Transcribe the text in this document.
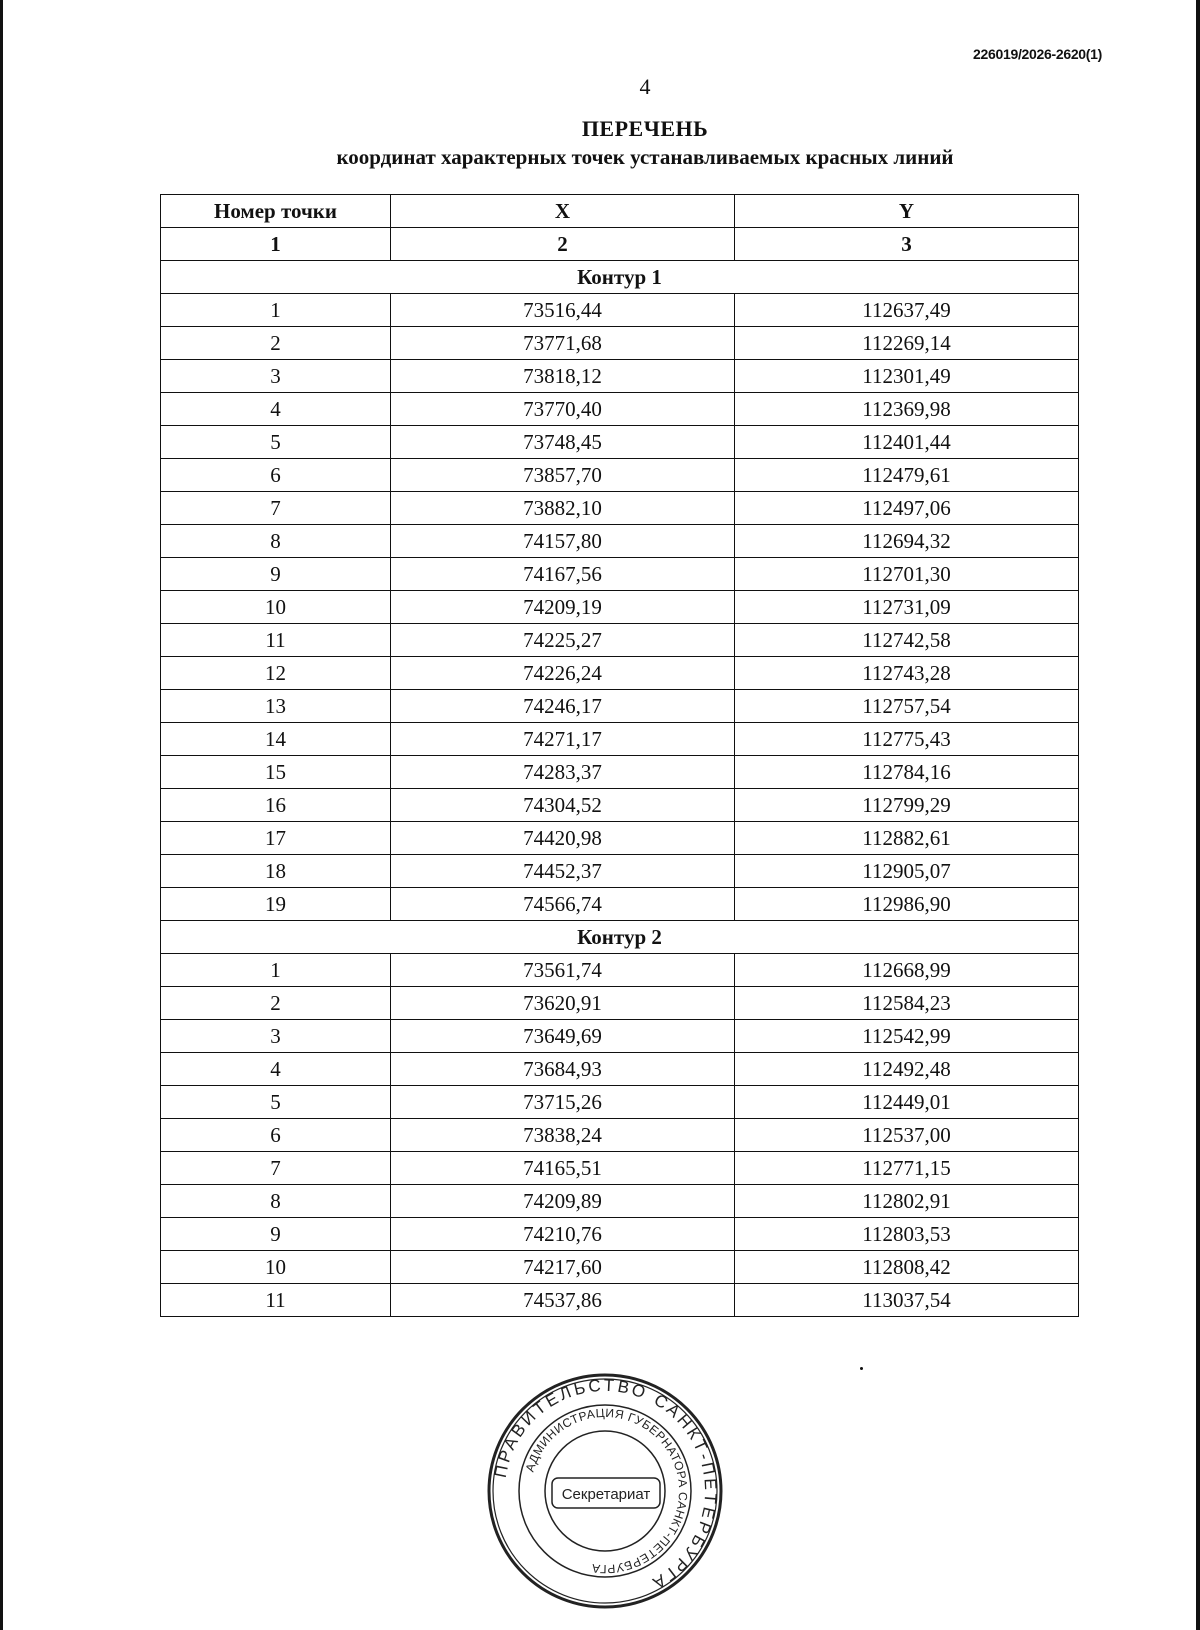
226019/2026-2620(1)
4
ПЕРЕЧЕНЬ
координат характерных точек устанавливаемых красных линий
Номер точки	X	Y
1	2	3
Контур 1		
1	73516,44	112637,49
2	73771,68	112269,14
3	73818,12	112301,49
4	73770,40	112369,98
5	73748,45	112401,44
6	73857,70	112479,61
7	73882,10	112497,06
8	74157,80	112694,32
9	74167,56	112701,30
10	74209,19	112731,09
11	74225,27	112742,58
12	74226,24	112743,28
13	74246,17	112757,54
14	74271,17	112775,43
15	74283,37	112784,16
16	74304,52	112799,29
17	74420,98	112882,61
18	74452,37	112905,07
19	74566,74	112986,90
Контур 2		
1	73561,74	112668,99
2	73620,91	112584,23
3	73649,69	112542,99
4	73684,93	112492,48
5	73715,26	112449,01
6	73838,24	112537,00
7	74165,51	112771,15
8	74209,89	112802,91
9	74210,76	112803,53
10	74217,60	112808,42
11	74537,86	113037,54
ПРАВИТЕЛЬСТВО САНКТ-ПЕТЕРБУРГА
АДМИНИСТРАЦИЯ ГУБЕРНАТОРА САНКТ-ПЕТЕРБУРГА
Секретариат
